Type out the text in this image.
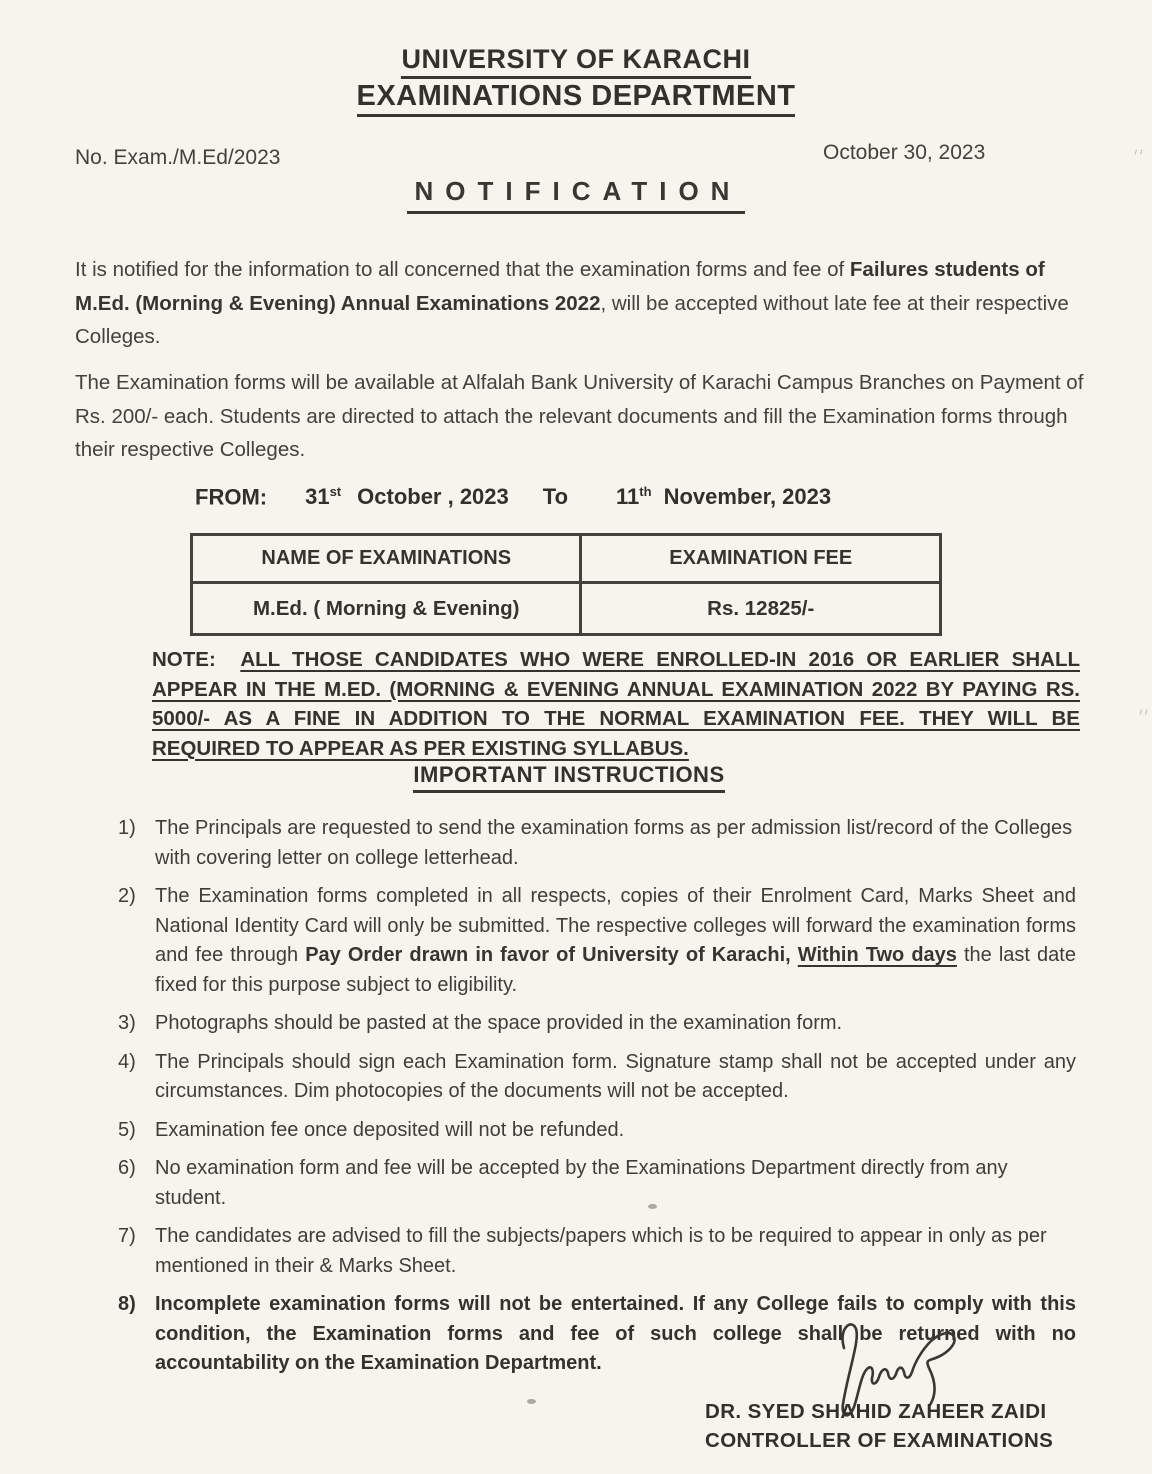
UNIVERSITY OF KARACHI
EXAMINATIONS DEPARTMENT
No. Exam./M.Ed/2023	October 30, 2023
NOTIFICATION
It is notified for the information to all concerned that the examination forms and fee of Failures students of M.Ed. (Morning & Evening) Annual Examinations 2022, will be accepted without late fee at their respective Colleges.
The Examination forms will be available at Alfalah Bank University of Karachi Campus Branches on Payment of Rs. 200/- each. Students are directed to attach the relevant documents and fill the Examination forms through their respective Colleges.
FROM: 31st October , 2023 To 11th November, 2023
NAME OF EXAMINATIONS	EXAMINATION FEE
M.Ed. ( Morning & Evening)	Rs. 12825/-
NOTE: ALL THOSE CANDIDATES WHO WERE ENROLLED-IN 2016 OR EARLIER SHALL APPEAR IN THE M.ED. (MORNING & EVENING ANNUAL EXAMINATION 2022 BY PAYING RS. 5000/- AS A FINE IN ADDITION TO THE NORMAL EXAMINATION FEE. THEY WILL BE REQUIRED TO APPEAR AS PER EXISTING SYLLABUS.
IMPORTANT INSTRUCTIONS
1) The Principals are requested to send the examination forms as per admission list/record of the Colleges with covering letter on college letterhead.
2) The Examination forms completed in all respects, copies of their Enrolment Card, Marks Sheet and National Identity Card will only be submitted. The respective colleges will forward the examination forms and fee through Pay Order drawn in favor of University of Karachi, Within Two days the last date fixed for this purpose subject to eligibility.
3) Photographs should be pasted at the space provided in the examination form.
4) The Principals should sign each Examination form. Signature stamp shall not be accepted under any circumstances. Dim photocopies of the documents will not be accepted.
5) Examination fee once deposited will not be refunded.
6) No examination form and fee will be accepted by the Examinations Department directly from any student.
7) The candidates are advised to fill the subjects/papers which is to be required to appear in only as per mentioned in their & Marks Sheet.
8) Incomplete examination forms will not be entertained. If any College fails to comply with this condition, the Examination forms and fee of such college shall be returned with no accountability on the Examination Department.
DR. SYED SHAHID ZAHEER ZAIDI
CONTROLLER OF EXAMINATIONS
